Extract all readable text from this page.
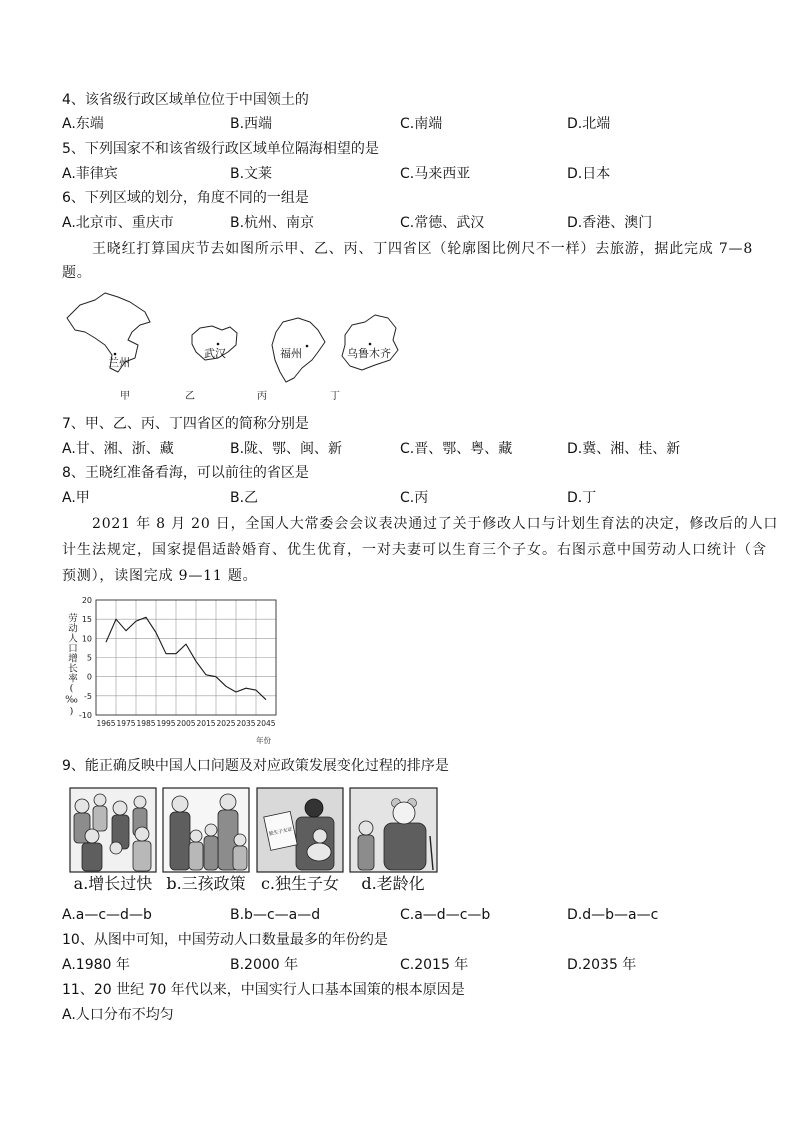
4、该省级行政区域单位位于中国领土的
A.东端	B.西端	C.南端	D.北端
5、下列国家不和该省级行政区域单位隔海相望的是
A.菲律宾	B.文莱	C.马来西亚	D.日本
6、下列区域的划分，角度不同的一组是
A.北京市、重庆市	B.杭州、南京	C.常德、武汉	D.香港、澳门
王晓红打算国庆节去如图所示甲、乙、丙、丁四省区（轮廓图比例尺不一样）去旅游，据此完成 7—8
题。
兰州
武汉	福州	乌鲁木齐
甲	乙	丙	丁
7、甲、乙、丙、丁四省区的简称分别是
A.甘、湘、浙、藏	B.陇、鄂、闽、新	C.晋、鄂、粤、藏	D.冀、湘、桂、新
8、王晓红准备看海，可以前往的省区是
A.甲	B.乙	C.丙	D.丁
2021 年 8 月 20 日，全国人大常委会会议表决通过了关于修改人口与计划生育法的决定，修改后的人口
计生法规定，国家提倡适龄婚育、优生优育，一对夫妻可以生育三个子女。右图示意中国劳动人口统计（含
预测），读图完成 9—11 题。
20
15
10
5
0
-5
-10
1965 1975 1985 1995 2005 2015 2025 2035 2045
年份
劳动人口增长率(‰)
9、能正确反映中国人口问题及对应政策发展变化过程的排序是
独生子女证
a.增长过快 b.三孩政策 c.独生子女	d.老龄化
A.a—c—d—b	B.b—c—a—d	C.a—d—c—b	D.d—b—a—c
10、从图中可知，中国劳动人口数量最多的年份约是
A.1980 年	B.2000 年	C.2015 年	D.2035 年
11、20 世纪 70 年代以来，中国实行人口基本国策的根本原因是
A.人口分布不均匀
